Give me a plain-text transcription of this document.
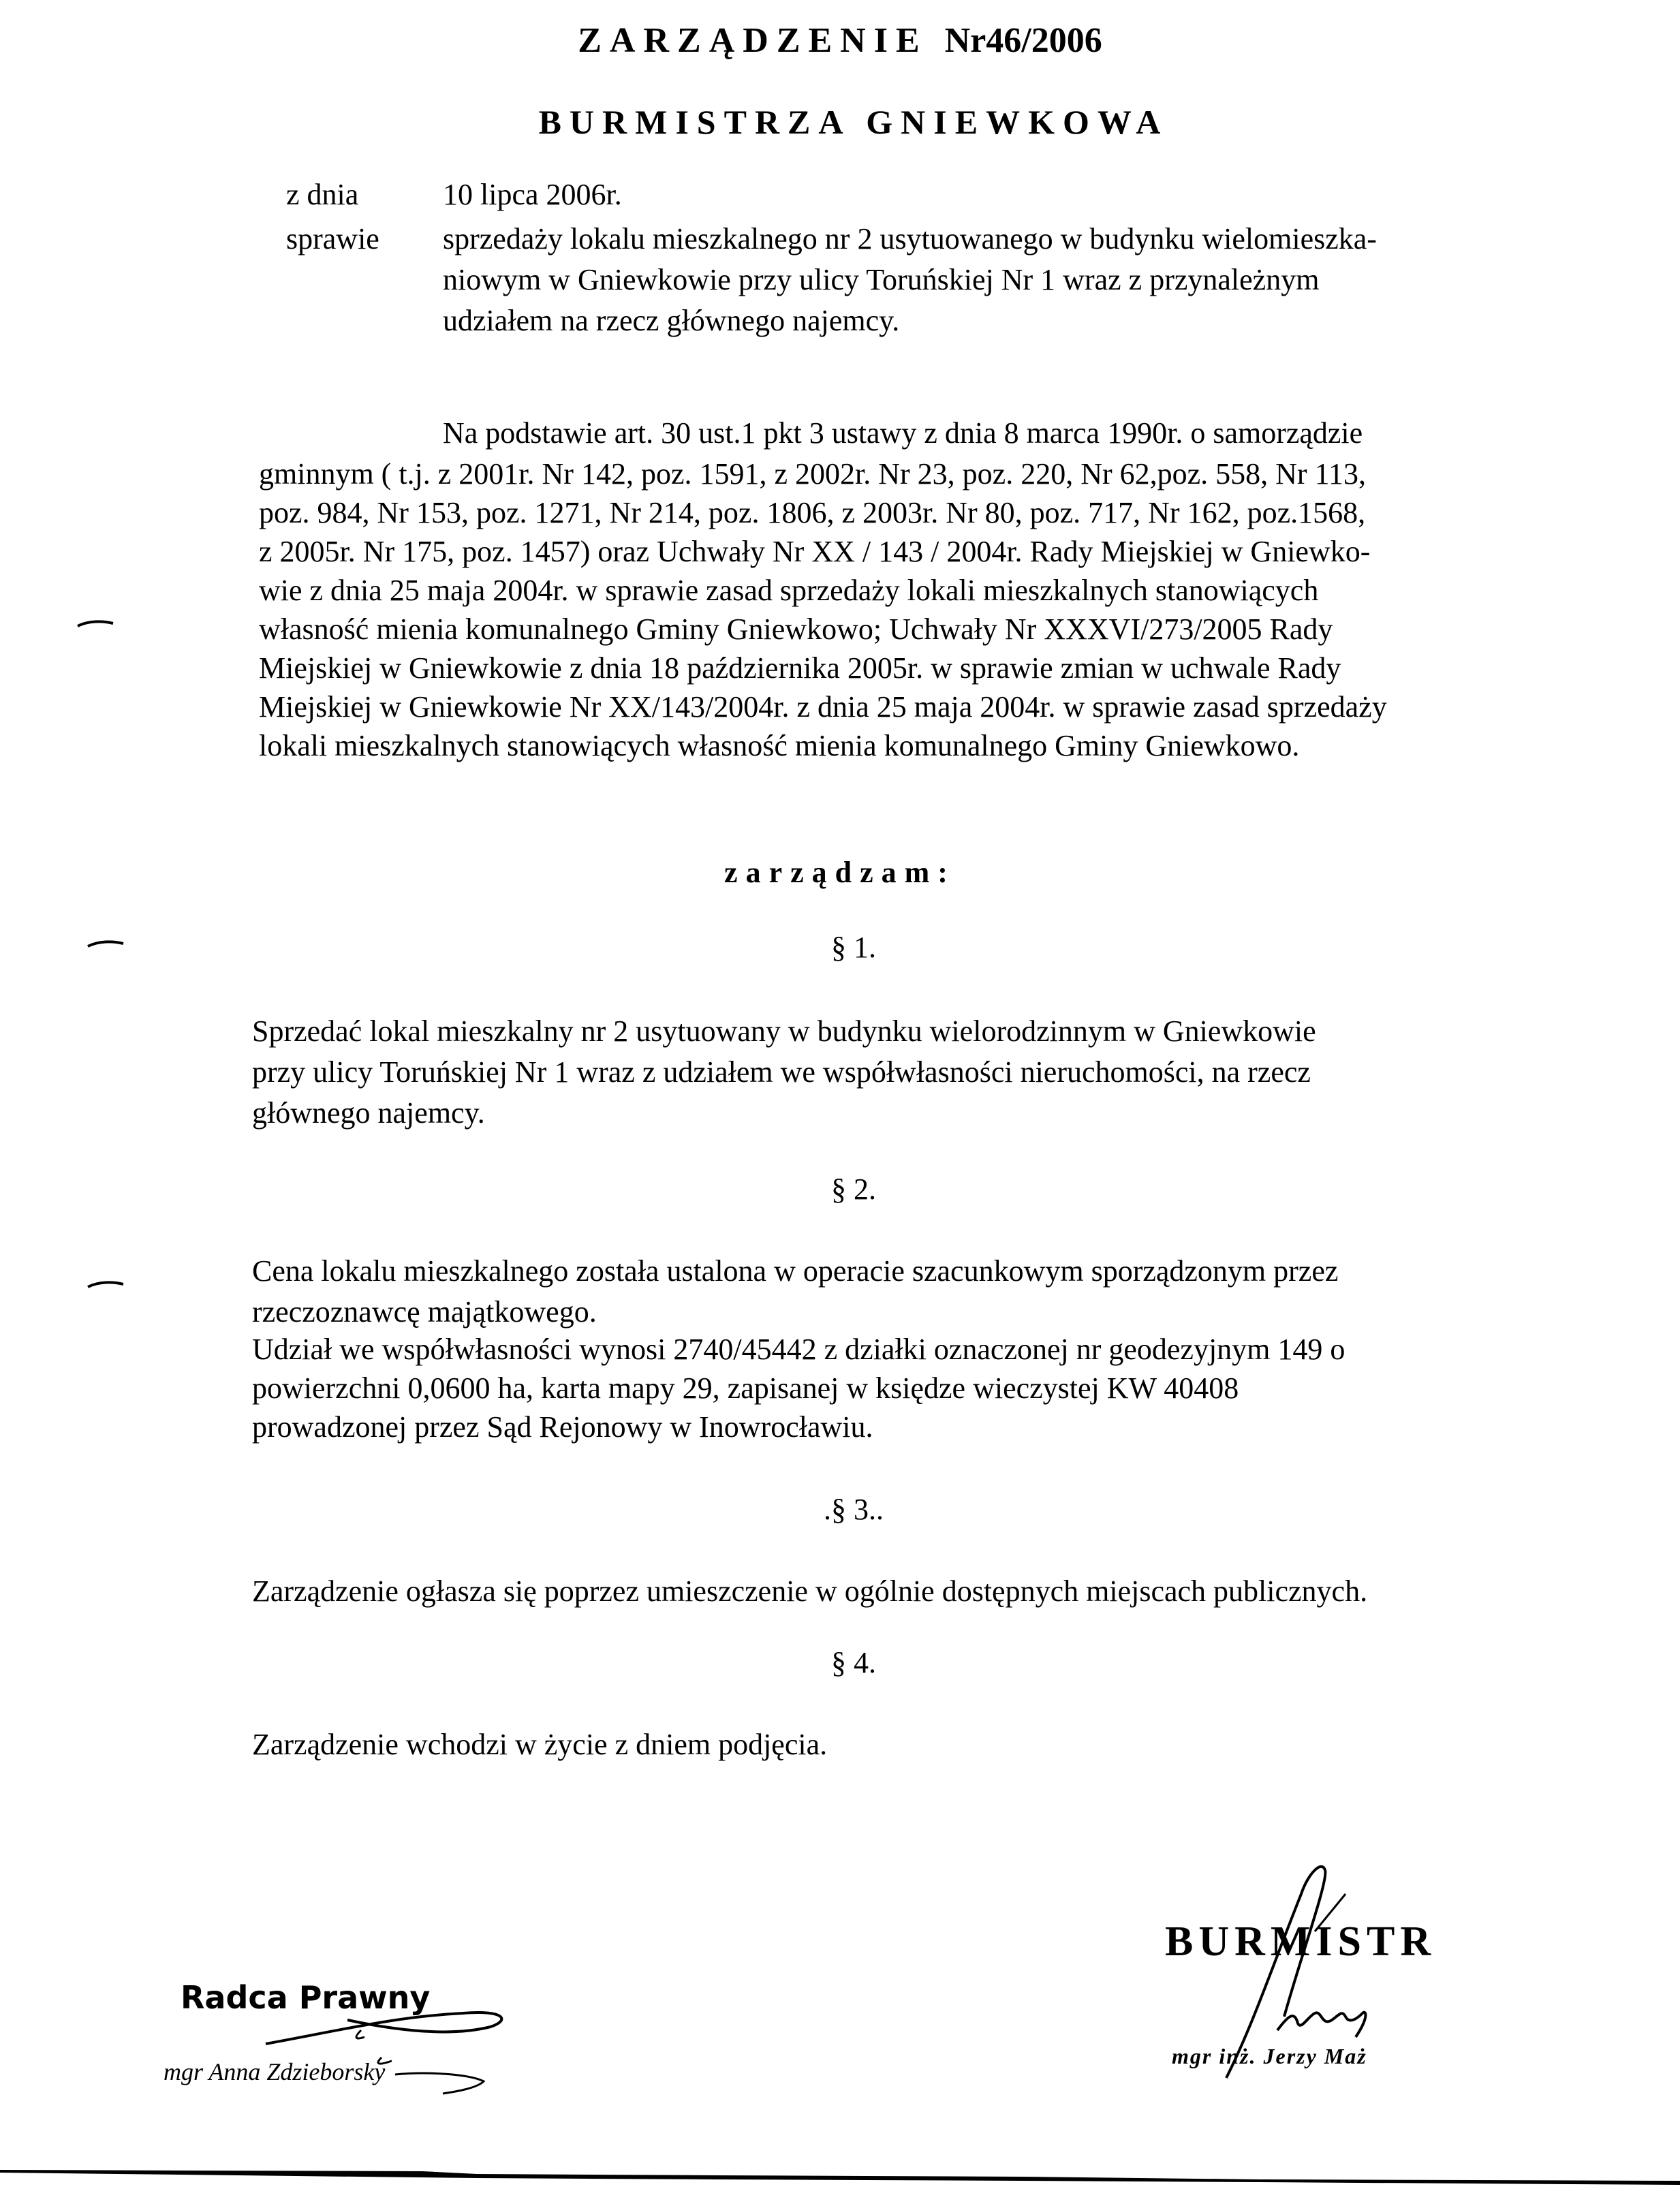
ZARZĄDZENIE Nr46/2006
BURMISTRZA GNIEWKOWA
z dnia	10 lipca 2006r.
sprawie sprzedaży lokalu mieszkalnego nr 2 usytuowanego w budynku wielomieszka-
niowym w Gniewkowie przy ulicy Toruńskiej Nr 1 wraz z przynależnym
udziałem na rzecz głównego najemcy.
Na podstawie art. 30 ust.1 pkt 3 ustawy z dnia 8 marca 1990r. o samorządzie
gminnym ( t.j. z 2001r. Nr 142, poz. 1591, z 2002r. Nr 23, poz. 220, Nr 62,poz. 558, Nr 113,
poz. 984, Nr 153, poz. 1271, Nr 214, poz. 1806, z 2003r. Nr 80, poz. 717, Nr 162, poz.1568,
z 2005r. Nr 175, poz. 1457) oraz Uchwały Nr XX / 143 / 2004r. Rady Miejskiej w Gniewko-
wie z dnia 25 maja 2004r. w sprawie zasad sprzedaży lokali mieszkalnych stanowiących
własność mienia komunalnego Gminy Gniewkowo; Uchwały Nr XXXVI/273/2005 Rady
Miejskiej w Gniewkowie z dnia 18 października 2005r. w sprawie zmian w uchwale Rady
Miejskiej w Gniewkowie Nr XX/143/2004r. z dnia 25 maja 2004r. w sprawie zasad sprzedaży
lokali mieszkalnych stanowiących własność mienia komunalnego Gminy Gniewkowo.
zarządzam:
§ 1.
Sprzedać lokal mieszkalny nr 2 usytuowany w budynku wielorodzinnym w Gniewkowie
przy ulicy Toruńskiej Nr 1 wraz z udziałem we współwłasności nieruchomości, na rzecz
głównego najemcy.
§ 2.
Cena lokalu mieszkalnego została ustalona w operacie szacunkowym sporządzonym przez
rzeczoznawcę majątkowego.
Udział we współwłasności wynosi 2740/45442 z działki oznaczonej nr geodezyjnym 149 o
powierzchni 0,0600 ha, karta mapy 29, zapisanej w księdze wieczystej KW 40408
prowadzonej przez Sąd Rejonowy w Inowrocławiu.
.§ 3..
Zarządzenie ogłasza się poprzez umieszczenie w ogólnie dostępnych miejscach publicznych.
§ 4.
Zarządzenie wchodzi w życie z dniem podjęcia.
BURMISTR
mgr inż. Jerzy Maż
Radca Prawny
mgr Anna Zdzieborsky
